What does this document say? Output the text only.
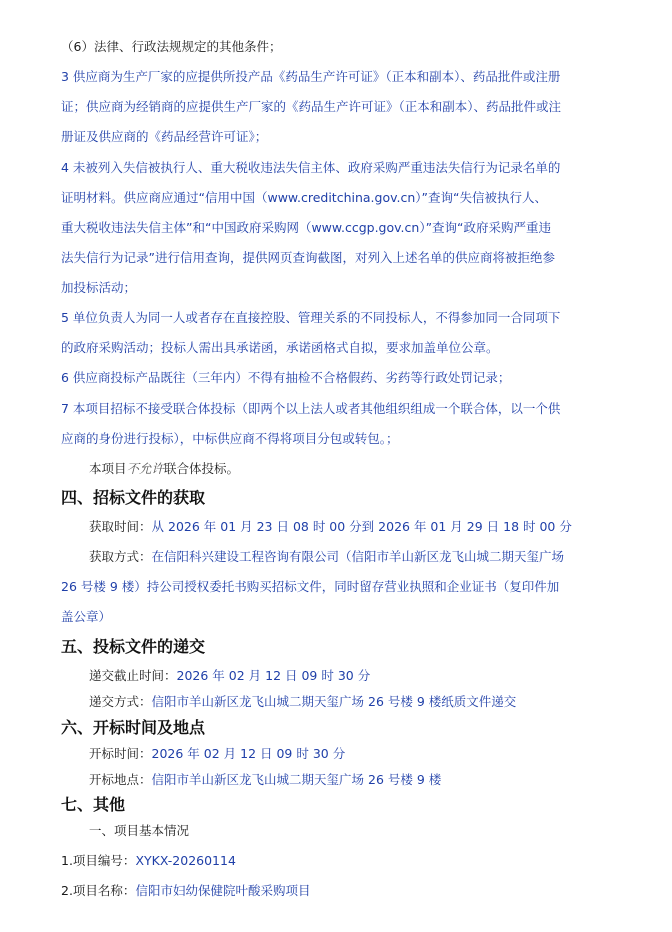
（6）法律、行政法规规定的其他条件；

3 供应商为生产厂家的应提供所投产品《药品生产许可证》（正本和副本）、药品批件或注册

证；供应商为经销商的应提供生产厂家的《药品生产许可证》（正本和副本）、药品批件或注

册证及供应商的《药品经营许可证》；

4 未被列入失信被执行人、重大税收违法失信主体、政府采购严重违法失信行为记录名单的

证明材料。供应商应通过“信用中国（www.creditchina.gov.cn）”查询“失信被执行人、

重大税收违法失信主体”和“中国政府采购网（www.ccgp.gov.cn）”查询“政府采购严重违

法失信行为记录”进行信用查询，提供网页查询截图，对列入上述名单的供应商将被拒绝参

加投标活动；

5 单位负责人为同一人或者存在直接控股、管理关系的不同投标人，不得参加同一合同项下

的政府采购活动；投标人需出具承诺函，承诺函格式自拟，要求加盖单位公章。

6 供应商投标产品既往（三年内）不得有抽检不合格假药、劣药等行政处罚记录；

7 本项目招标不接受联合体投标（即两个以上法人或者其他组织组成一个联合体，以一个供

应商的身份进行投标），中标供应商不得将项目分包或转包。；

本项目不允许联合体投标。

四、招标文件的获取

获取时间：从 2026 年 01 月 23 日 08 时 00 分到 2026 年 01 月 29 日 18 时 00 分

获取方式：在信阳科兴建设工程咨询有限公司（信阳市羊山新区龙飞山城二期天玺广场

26 号楼 9 楼）持公司授权委托书购买招标文件，同时留存营业执照和企业证书（复印件加

盖公章）

五、投标文件的递交

递交截止时间：2026 年 02 月 12 日 09 时 30 分

递交方式：信阳市羊山新区龙飞山城二期天玺广场 26 号楼 9 楼纸质文件递交

六、开标时间及地点

开标时间：2026 年 02 月 12 日 09 时 30 分

开标地点：信阳市羊山新区龙飞山城二期天玺广场 26 号楼 9 楼

七、其他

一、项目基本情况

1.项目编号：XYKX-20260114

2.项目名称：信阳市妇幼保健院叶酸采购项目
